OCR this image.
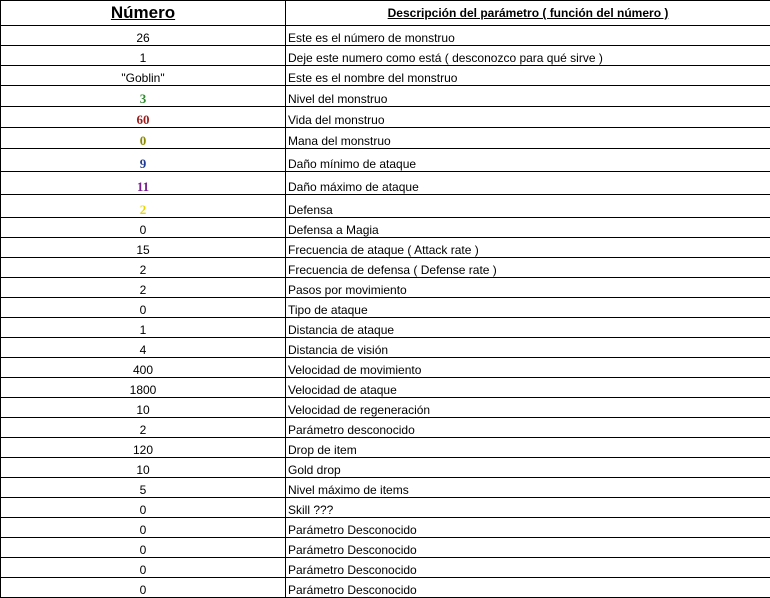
Número	Descripción del parámetro ( función del número )
26	Este es el número de monstruo
1	Deje este numero como está ( desconozco para qué sirve )
"Goblin"	Este es el nombre del monstruo
3	Nivel del monstruo
60	Vida del monstruo
0	Mana del monstruo
9	Daño mínimo de ataque
11	Daño máximo de ataque
2	Defensa
0	Defensa a Magia
15	Frecuencia de ataque ( Attack rate )
2	Frecuencia de defensa ( Defense rate )
2	Pasos por movimiento
0	Tipo de ataque
1	Distancia de ataque
4	Distancia de visión
400	Velocidad de movimiento
1800	Velocidad de ataque
10	Velocidad de regeneración
2	Parámetro desconocido
120	Drop de item
10	Gold drop
5	Nivel máximo de items
0	Skill ???
0	Parámetro Desconocido
0	Parámetro Desconocido
0	Parámetro Desconocido
0	Parámetro Desconocido
